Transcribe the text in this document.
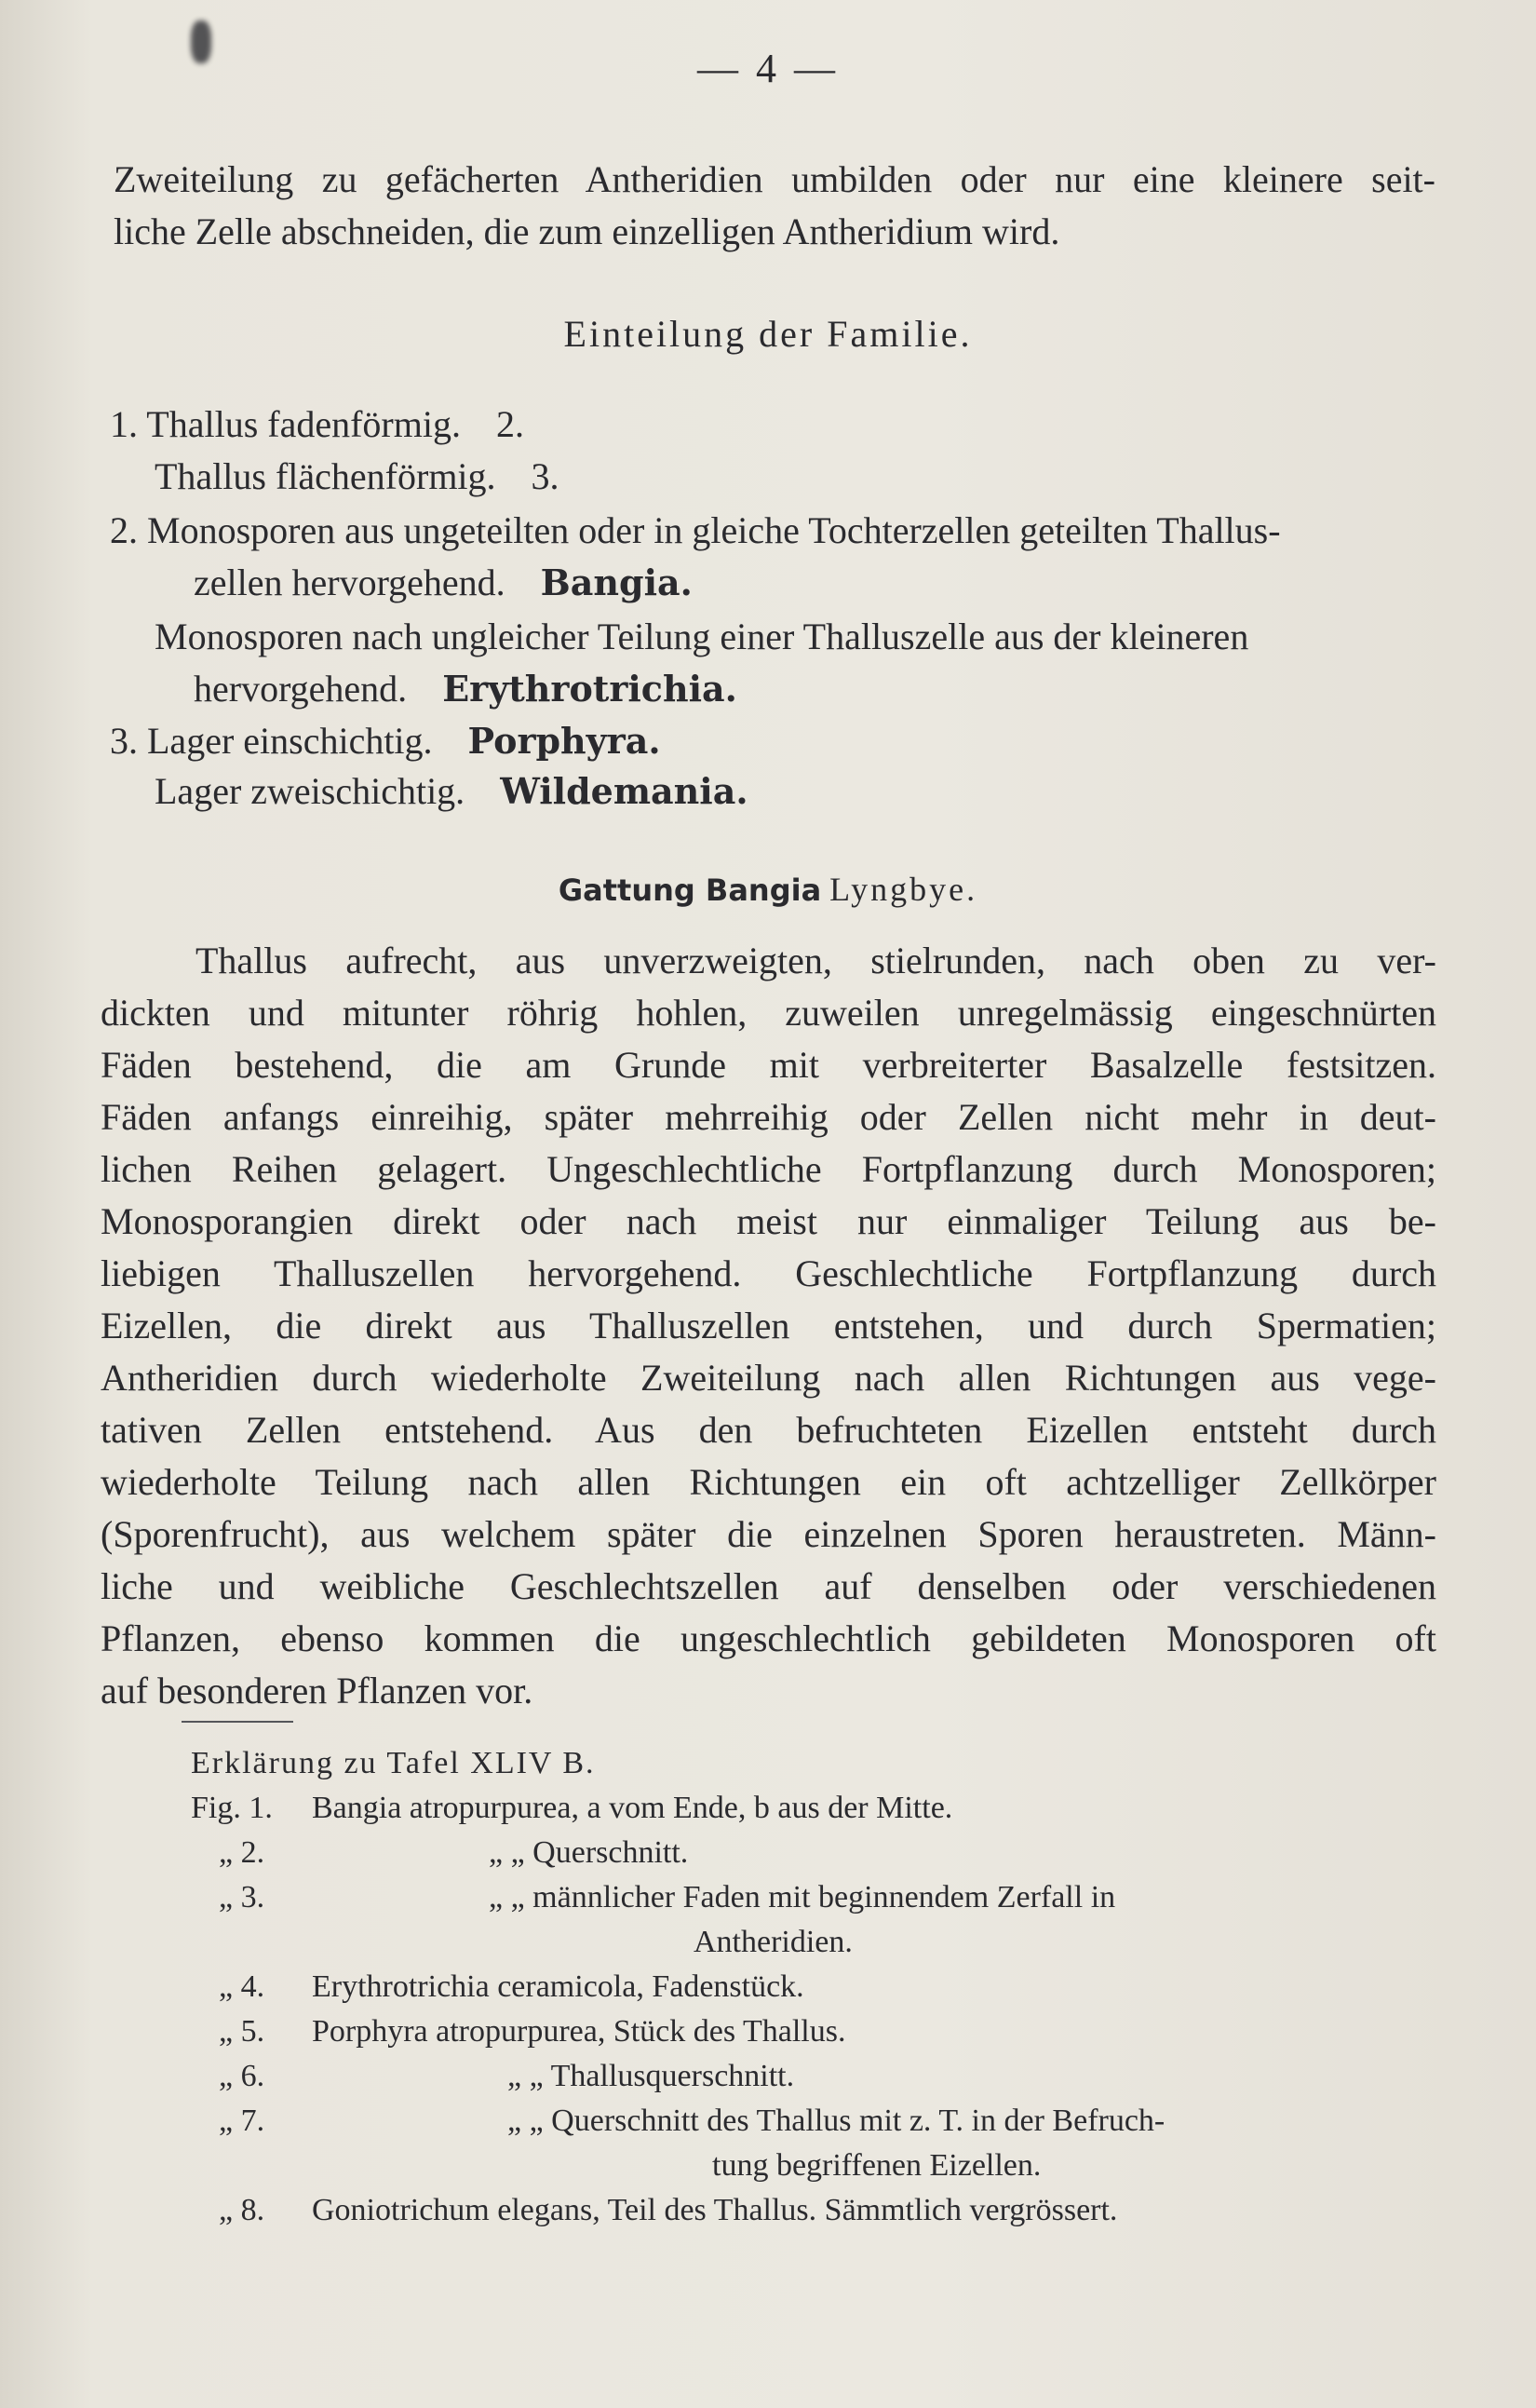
— 4 —
Zweiteilung zu gefächerten Antheridien umbilden oder nur eine kleinere seit-
liche Zelle abschneiden, die zum einzelligen Antheridium wird.
Einteilung der Familie.
1. Thallus fadenförmig. 2.
Thallus flächenförmig. 3.
2. Monosporen aus ungeteilten oder in gleiche Tochterzellen geteilten Thallus-
zellen hervorgehend. Bangia.
Monosporen nach ungleicher Teilung einer Thalluszelle aus der kleineren
hervorgehend. Erythrotrichia.
3. Lager einschichtig. Porphyra.
Lager zweischichtig. Wildemania.
Gattung Bangia Lyngbye.
Thallus aufrecht, aus unverzweigten, stielrunden, nach oben zu ver-
dickten und mitunter röhrig hohlen, zuweilen unregelmässig eingeschnürten
Fäden bestehend, die am Grunde mit verbreiterter Basalzelle festsitzen.
Fäden anfangs einreihig, später mehrreihig oder Zellen nicht mehr in deut-
lichen Reihen gelagert. Ungeschlechtliche Fortpflanzung durch Monosporen;
Monosporangien direkt oder nach meist nur einmaliger Teilung aus be-
liebigen Thalluszellen hervorgehend. Geschlechtliche Fortpflanzung durch
Eizellen, die direkt aus Thalluszellen entstehen, und durch Spermatien;
Antheridien durch wiederholte Zweiteilung nach allen Richtungen aus vege-
tativen Zellen entstehend. Aus den befruchteten Eizellen entsteht durch
wiederholte Teilung nach allen Richtungen ein oft achtzelliger Zellkörper
(Sporenfrucht), aus welchem später die einzelnen Sporen heraustreten. Männ-
liche und weibliche Geschlechtszellen auf denselben oder verschiedenen
Pflanzen, ebenso kommen die ungeschlechtlich gebildeten Monosporen oft
auf besonderen Pflanzen vor.
Erklärung zu Tafel XLIV B.
Fig. 1. Bangia atropurpurea, a vom Ende, b aus der Mitte.
„ 2.	„ „ Querschnitt.
„ 3.	„ „ männlicher Faden mit beginnendem Zerfall in
Antheridien.
„ 4. Erythrotrichia ceramicola, Fadenstück.
„ 5. Porphyra atropurpurea, Stück des Thallus.
„ 6.	„ „ Thallusquerschnitt.
„ 7.	„ „ Querschnitt des Thallus mit z. T. in der Befruch-
tung begriffenen Eizellen.
„ 8. Goniotrichum elegans, Teil des Thallus. Sämmtlich vergrössert.
